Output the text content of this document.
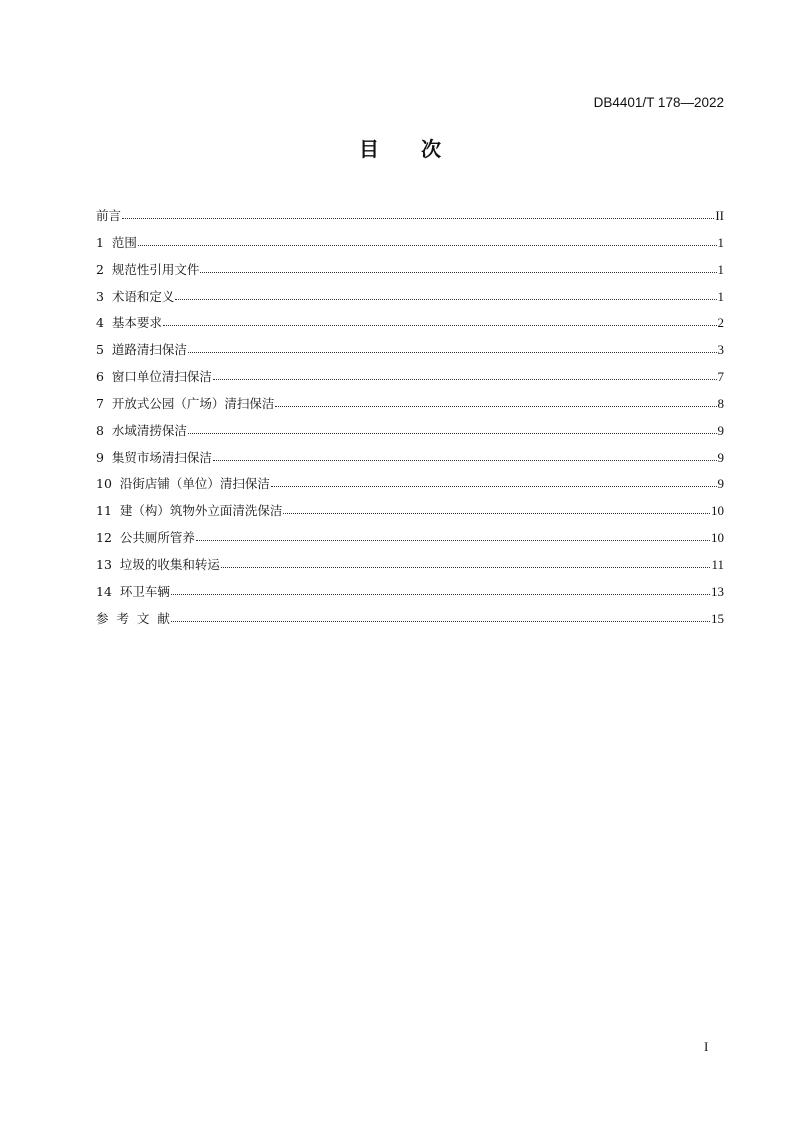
DB4401/T 178—2022
目 次
前言	II
1  范围	1
2  规范性引用文件	1
3  术语和定义	1
4  基本要求	2
5  道路清扫保洁	3
6  窗口单位清扫保洁	7
7  开放式公园（广场）清扫保洁	8
8  水域清捞保洁	9
9  集贸市场清扫保洁	9
10  沿街店铺（单位）清扫保洁	9
11  建（构）筑物外立面清洗保洁	10
12  公共厕所管养	10
13  垃圾的收集和转运	11
14  环卫车辆	13
参  考  文  献	15
I
